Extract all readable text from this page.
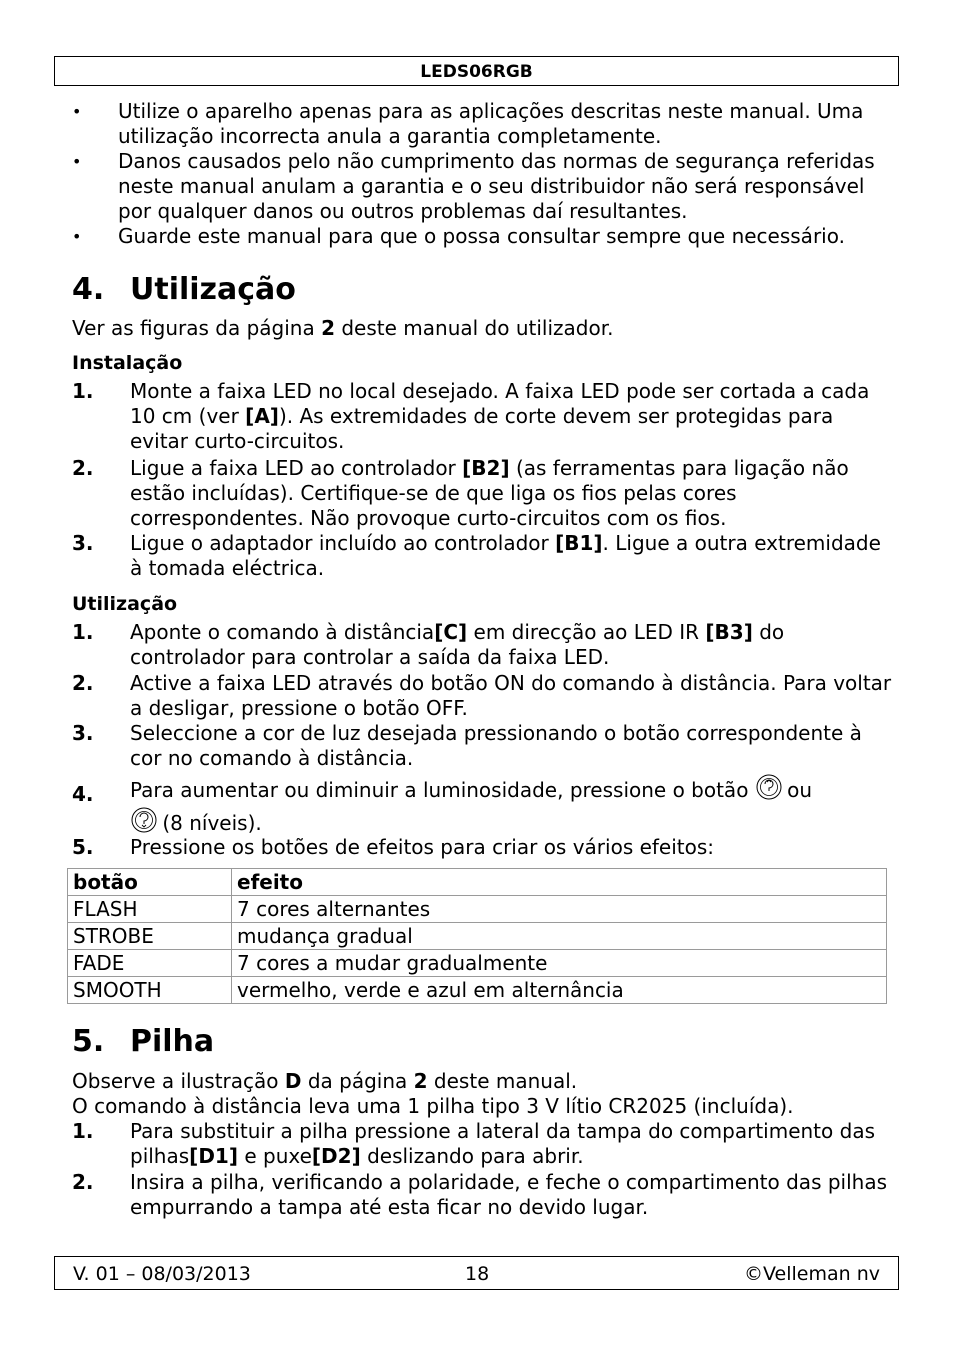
LEDS06RGB
• Utilize o aparelho apenas para as aplicações descritas neste manual. Uma utilização incorrecta anula a garantia completamente.
• Danos causados pelo não cumprimento das normas de segurança referidas neste manual anulam a garantia e o seu distribuidor não será responsável por qualquer danos ou outros problemas daí resultantes.
• Guarde este manual para que o possa consultar sempre que necessário.
4. Utilização
Ver as figuras da página 2 deste manual do utilizador.
Instalação
1. Monte a faixa LED no local desejado. A faixa LED pode ser cortada a cada 10 cm (ver [A]). As extremidades de corte devem ser protegidas para evitar curto-circuitos.
2. Ligue a faixa LED ao controlador [B2] (as ferramentas para ligação não estão incluídas). Certifique-se de que liga os fios pelas cores correspondentes. Não provoque curto-circuitos com os fios.
3. Ligue o adaptador incluído ao controlador [B1]. Ligue a outra extremidade à tomada eléctrica.
Utilização
1. Aponte o comando à distância[C] em direcção ao LED IR [B3] do controlador para controlar a saída da faixa LED.
2. Active a faixa LED através do botão ON do comando à distância. Para voltar a desligar, pressione o botão OFF.
3. Seleccione a cor de luz desejada pressionando o botão correspondente à cor no comando à distância.
4. Para aumentar ou diminuir a luminosidade, pressione o botão  ou
(8 níveis).
5. Pressione os botões de efeitos para criar os vários efeitos:
botão	efeito
FLASH	7 cores alternantes
STROBE	mudança gradual
FADE	7 cores a mudar gradualmente
SMOOTH	vermelho, verde e azul em alternância
5. Pilha
Observe a ilustração D da página 2 deste manual.
O comando à distância leva uma 1 pilha tipo 3 V lítio CR2025 (incluída).
1. Para substituir a pilha pressione a lateral da tampa do compartimento das pilhas[D1] e puxe[D2] deslizando para abrir.
2. Insira a pilha, verificando a polaridade, e feche o compartimento das pilhas empurrando a tampa até esta ficar no devido lugar.
V. 01 – 08/03/2013	18	©Velleman nv
